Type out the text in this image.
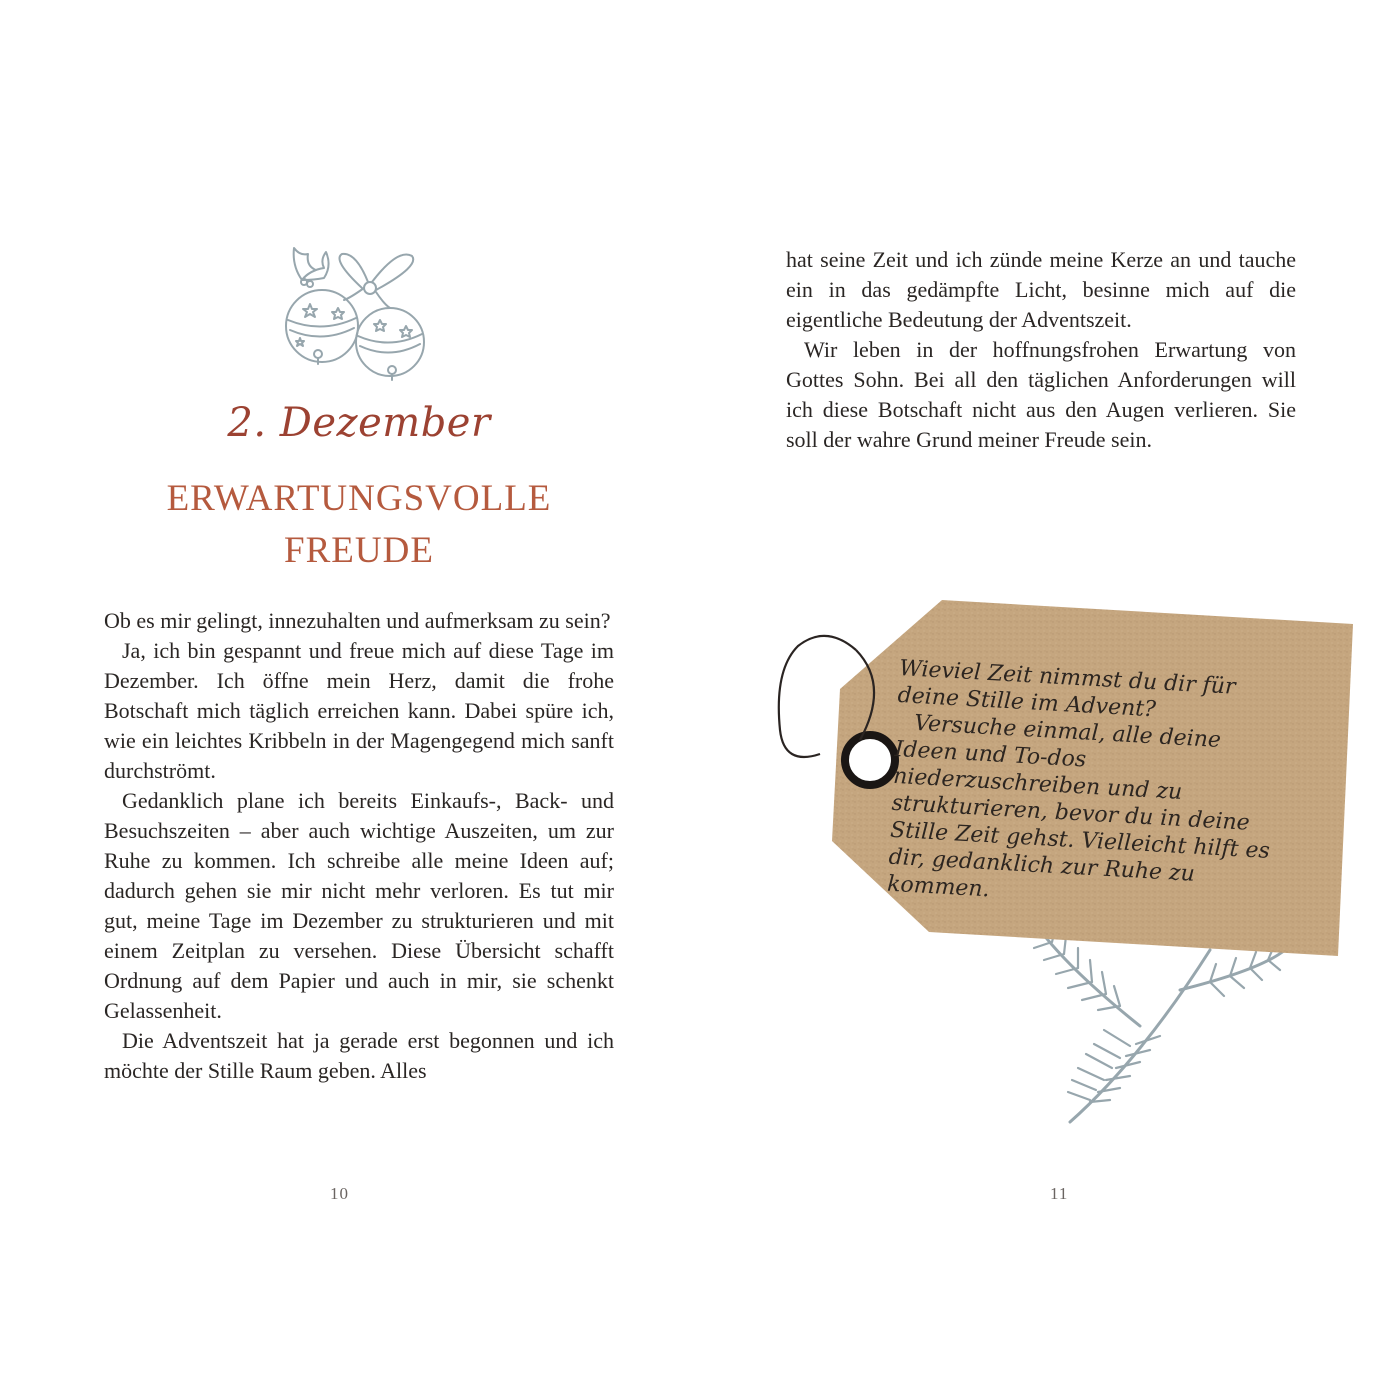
2. Dezember
ERWARTUNGSVOLLE
FREUDE

Ob es mir gelingt, innezuhalten und aufmerksam zu sein?

Ja, ich bin gespannt und freue mich auf diese Tage im Dezember. Ich öffne mein Herz, damit die frohe Botschaft mich täglich erreichen kann. Dabei spüre ich, wie ein leichtes Kribbeln in der Magengegend mich sanft durchströmt.

Gedanklich plane ich bereits Einkaufs-, Back- und Besuchszeiten – aber auch wichtige Auszeiten, um zur Ruhe zu kommen. Ich schreibe alle meine Ideen auf; dadurch gehen sie mir nicht mehr verloren. Es tut mir gut, meine Tage im Dezember zu strukturieren und mit einem Zeitplan zu versehen. Diese Übersicht schafft Ordnung auf dem Papier und auch in mir, sie schenkt Gelassenheit.

Die Adventszeit hat ja gerade erst begonnen und ich möchte der Stille Raum geben. Alles

10

hat seine Zeit und ich zünde meine Kerze an und tauche ein in das gedämpfte Licht, besinne mich auf die eigentliche Bedeutung der Adventszeit.

Wir leben in der hoffnungsfrohen Erwartung von Gottes Sohn. Bei all den täglichen Anforderungen will ich diese Botschaft nicht aus den Augen verlieren. Sie soll der wahre Grund meiner Freude sein.

Wieviel Zeit nimmst du dir für deine Stille im Advent?

Versuche einmal, alle deine Ideen und To-dos niederzuschreiben und zu strukturieren, bevor du in deine Stille Zeit gehst. Vielleicht hilft es dir, gedanklich zur Ruhe zu kommen.

11
